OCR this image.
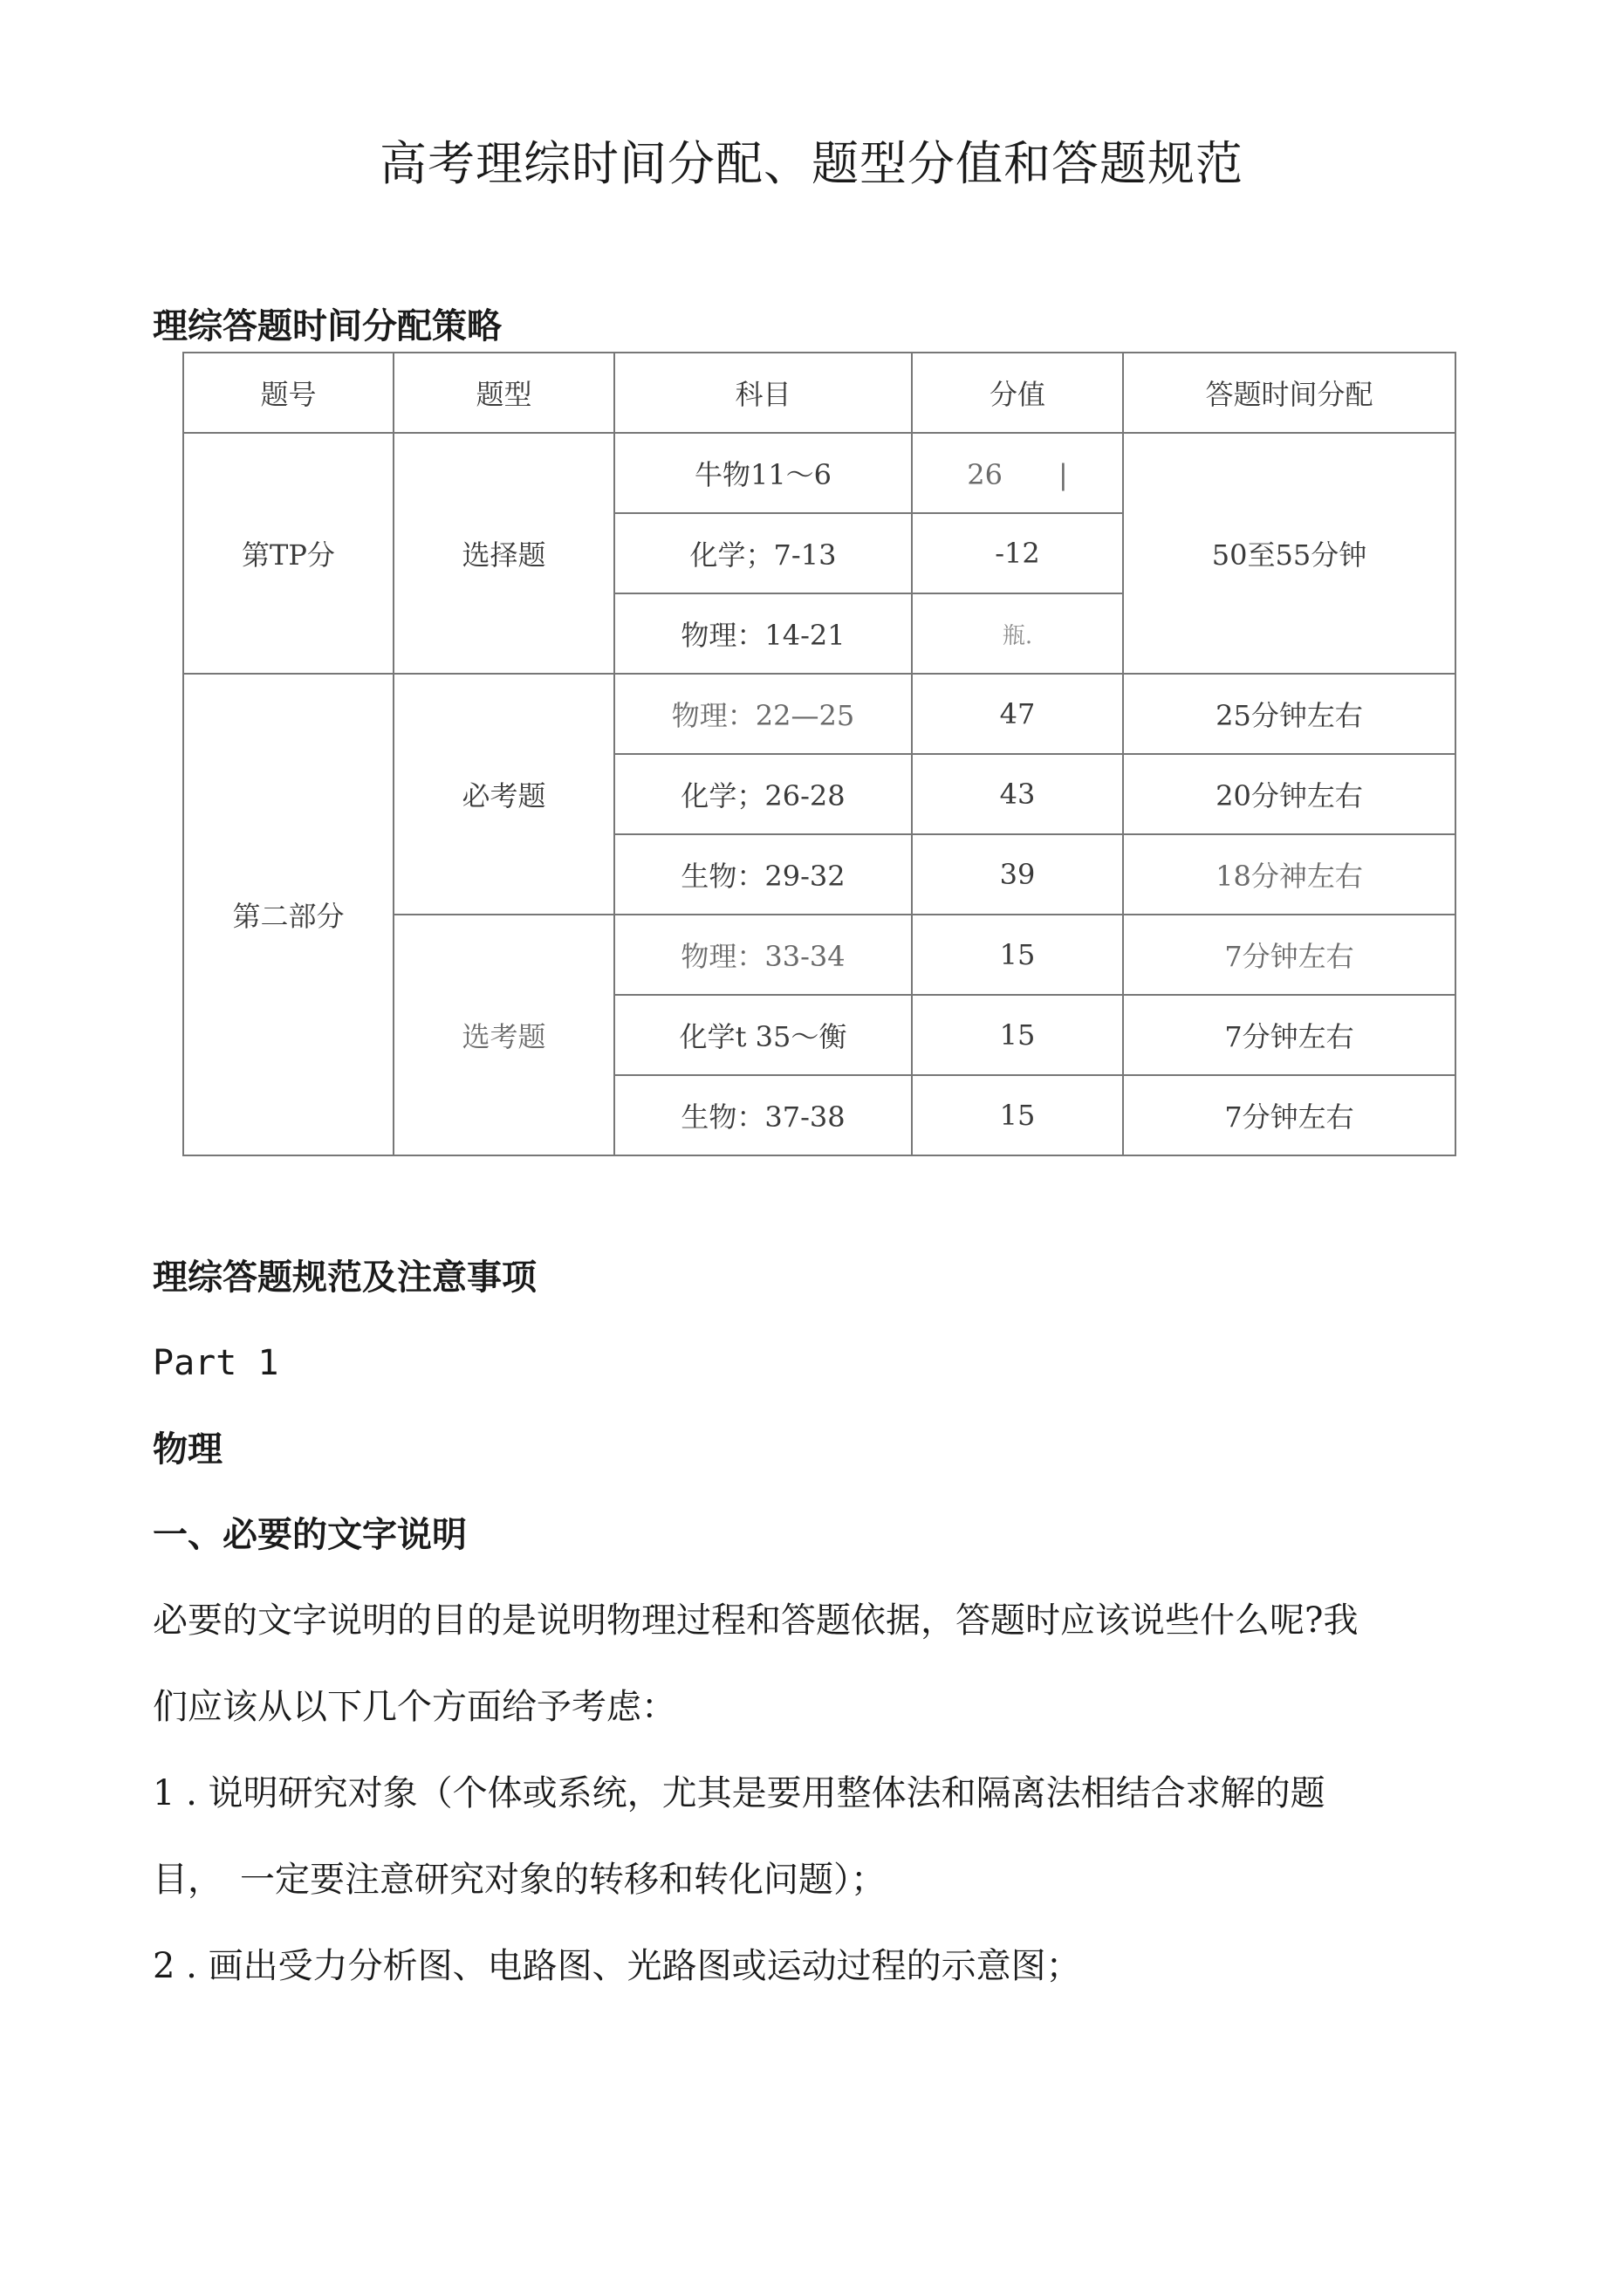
高考理综时间分配、题型分值和答题规范
理综答题时间分配策略
题号	题型	科目	分值	答题时间分配
第TP分	选择题	牛物11～6	26　　|	50至55分钟
		化学；7-13	-12	
		物理：14-21	瓶.	
第二部分	必考题	物理：22—25	47	25分钟左右
		化学；26-28	43	20分钟左右
		生物：29-32	39	18分神左右
	选考题	物理：33-34	15	7分钟左右
		化学t 35〜衡	15	7分钟左右
		生物：37-38	15	7分钟左右
理综答题规范及注意事项

Part 1

物理
一、必要的文字说明

必要的文字说明的目的是说明物理过程和答题依据，答题时应该说些什么呢?我

们应该从以下几个方面给予考虑：

1 . 说明研究对象（个体或系统，尤其是要用整体法和隔离法相结合求解的题

目，　一定要注意研究对象的转移和转化问题）；

2 . 画出受力分析图、电路图、光路图或运动过程的示意图；
